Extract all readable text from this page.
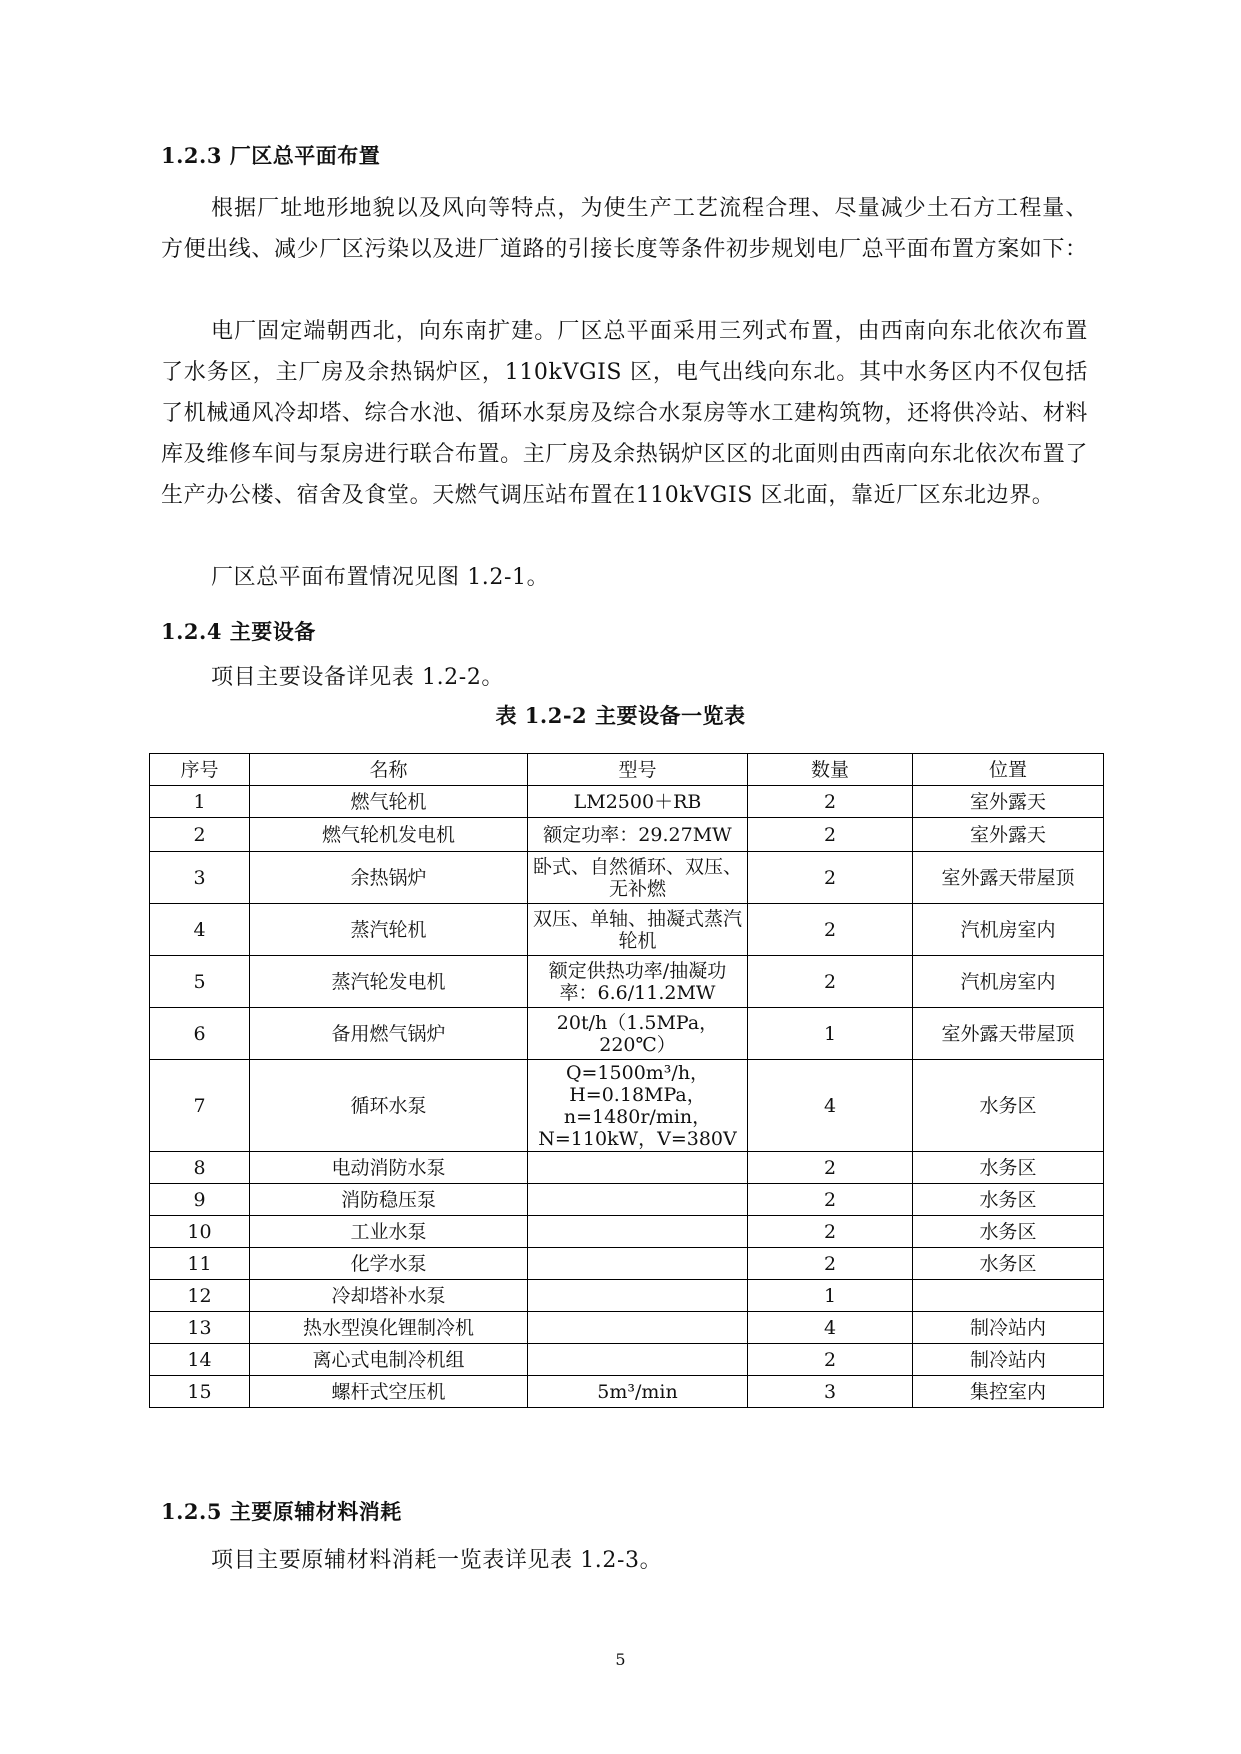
1.2.3 厂区总平面布置

根据厂址地形地貌以及风向等特点，为使生产工艺流程合理、尽量减少土石方工程量、方便出线、减少厂区污染以及进厂道路的引接长度等条件初步规划电厂总平面布置方案如下：

电厂固定端朝西北，向东南扩建。厂区总平面采用三列式布置，由西南向东北依次布置了水务区，主厂房及余热锅炉区，110kVGIS 区，电气出线向东北。其中水务区内不仅包括了机械通风冷却塔、综合水池、循环水泵房及综合水泵房等水工建构筑物，还将供冷站、材料库及维修车间与泵房进行联合布置。主厂房及余热锅炉区区的北面则由西南向东北依次布置了生产办公楼、宿舍及食堂。天燃气调压站布置在110kVGIS 区北面，靠近厂区东北边界。

厂区总平面布置情况见图 1.2-1。

1.2.4 主要设备

项目主要设备详见表 1.2-2。

表 1.2-2 主要设备一览表

序号	名称	型号	数量	位置
1	燃气轮机	LM2500＋RB	2	室外露天
2	燃气轮机发电机	额定功率：29.27MW	2	室外露天
3	余热锅炉	卧式、自然循环、双压、无补燃	2	室外露天带屋顶
4	蒸汽轮机	双压、单轴、抽凝式蒸汽轮机	2	汽机房室内
5	蒸汽轮发电机	额定供热功率/抽凝功率：6.6/11.2MW	2	汽机房室内
6	备用燃气锅炉	20t/h（1.5MPa，220℃）	1	室外露天带屋顶
7	循环水泵	Q=1500m³/h，H=0.18MPa，n=1480r/min，N=110kW，V=380V	4	水务区
8	电动消防水泵		2	水务区
9	消防稳压泵		2	水务区
10	工业水泵		2	水务区
11	化学水泵		2	水务区
12	冷却塔补水泵		1	
13	热水型溴化锂制冷机		4	制冷站内
14	离心式电制冷机组		2	制冷站内
15	螺杆式空压机	5m³/min	3	集控室内
1.2.5 主要原辅材料消耗

项目主要原辅材料消耗一览表详见表 1.2-3。

5
